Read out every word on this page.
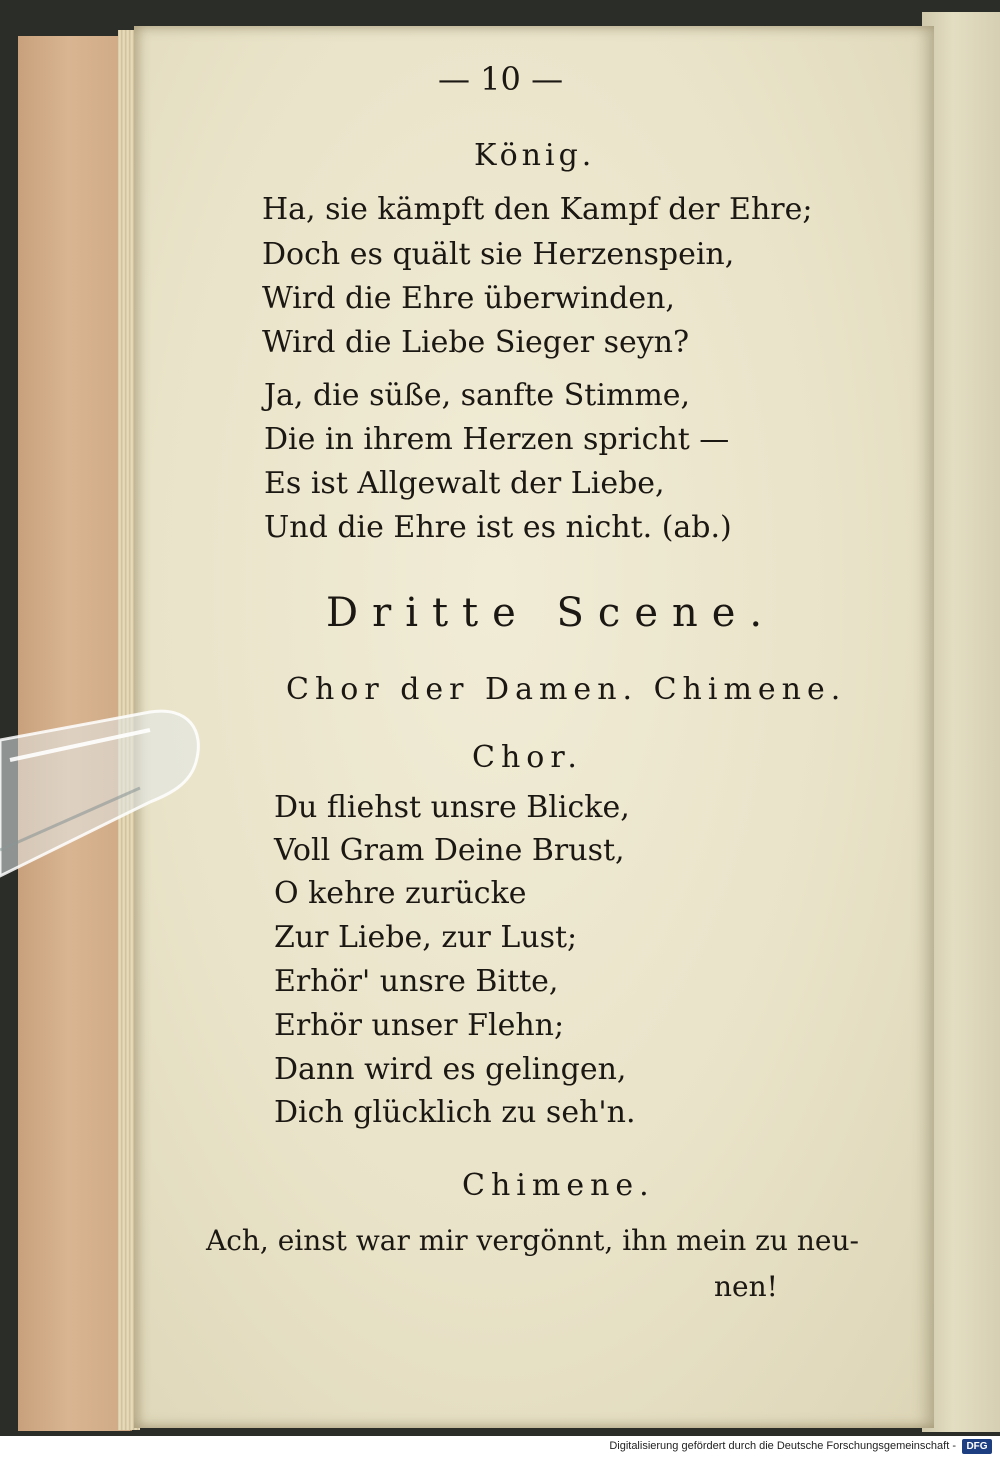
— 10 —
König.
Ha, sie kämpft den Kampf der Ehre;
Doch es quält sie Herzenspein,
Wird die Ehre überwinden,
Wird die Liebe Sieger seyn?
Ja, die süße, sanfte Stimme,
Die in ihrem Herzen spricht —
Es ist Allgewalt der Liebe,
Und die Ehre ist es nicht. (ab.)
Dritte Scene.
Chor der Damen. Chimene.
Chor.
Du fliehst unsre Blicke,
Voll Gram Deine Brust,
O kehre zurücke
Zur Liebe, zur Lust;
Erhör' unsre Bitte,
Erhör unser Flehn;
Dann wird es gelingen,
Dich glücklich zu seh'n.
Chimene.
Ach, einst war mir vergönnt, ihn mein zu neu-
nen!
Digitalisierung gefördert durch die Deutsche Forschungsgemeinschaft -	DFG
